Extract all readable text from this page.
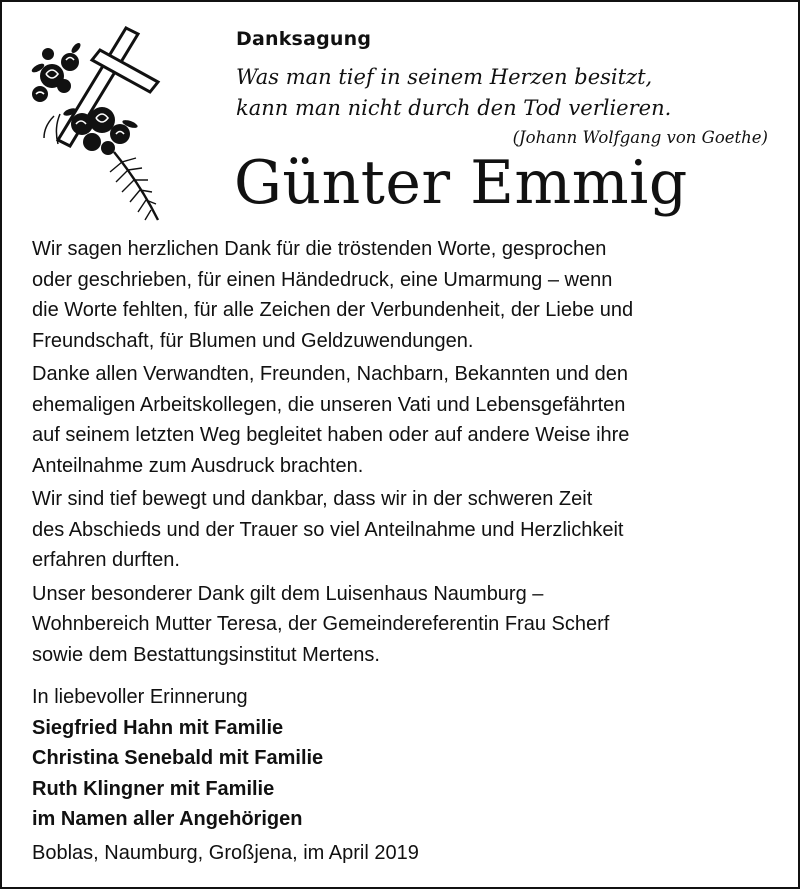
Danksagung
Was man tief in seinem Herzen besitzt,
kann man nicht durch den Tod verlieren.
(Johann Wolfgang von Goethe)
Günter Emmig
Wir sagen herzlichen Dank für die tröstenden Worte, gesprochen
oder geschrieben, für einen Händedruck, eine Umarmung – wenn
die Worte fehlten, für alle Zeichen der Verbundenheit, der Liebe und
Freundschaft, für Blumen und Geldzuwendungen.
Danke allen Verwandten, Freunden, Nachbarn, Bekannten und den
ehemaligen Arbeitskollegen, die unseren Vati und Lebensgefährten
auf seinem letzten Weg begleitet haben oder auf andere Weise ihre
Anteilnahme zum Ausdruck brachten.
Wir sind tief bewegt und dankbar, dass wir in der schweren Zeit
des Abschieds und der Trauer so viel Anteilnahme und Herzlichkeit
erfahren durften.
Unser besonderer Dank gilt dem Luisenhaus Naumburg –
Wohnbereich Mutter Teresa, der Gemeindereferentin Frau Scherf
sowie dem Bestattungsinstitut Mertens.
In liebevoller Erinnerung
Siegfried Hahn mit Familie
Christina Senebald mit Familie
Ruth Klingner mit Familie
im Namen aller Angehörigen
Boblas, Naumburg, Großjena, im April 2019
